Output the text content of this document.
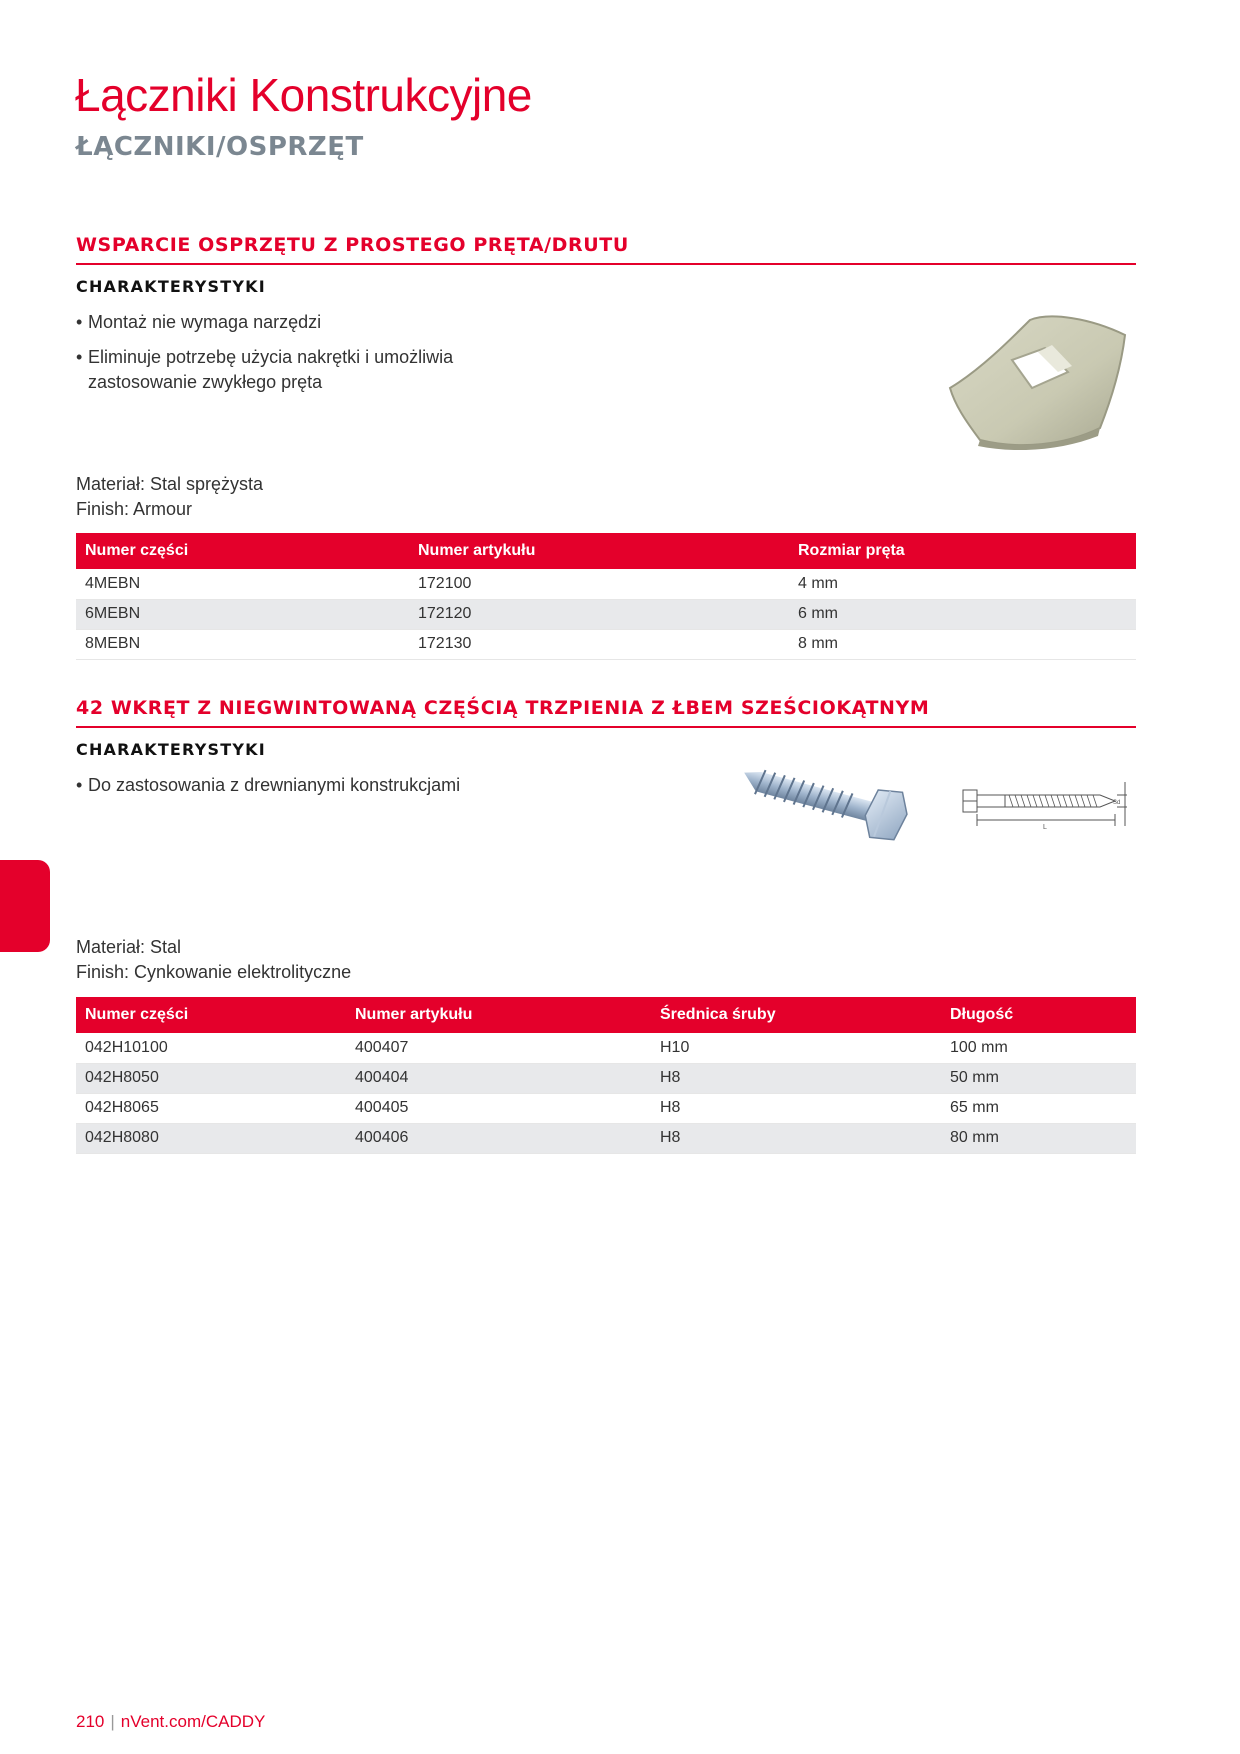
Łączniki Konstrukcyjne
ŁĄCZNIKI/OSPRZĘT
WSPARCIE OSPRZĘTU Z PROSTEGO PRĘTA/DRUTU
CHARAKTERYSTYKI
• Montaż nie wymaga narzędzi
• Eliminuje potrzebę użycia nakrętki i umożliwia zastosowanie zwykłego pręta
Materiał: Stal sprężysta
Finish: Armour
Numer części	Numer artykułu	Rozmiar pręta
4MEBN	172100	4 mm
6MEBN	172120	6 mm
8MEBN	172130	8 mm
42 WKRĘT Z NIEGWINTOWANĄ CZĘŚCIĄ TRZPIENIA Z ŁBEM SZEŚCIOKĄTNYM
CHARAKTERYSTYKI
• Do zastosowania z drewnianymi konstrukcjami
L
Sd
Materiał: Stal
Finish: Cynkowanie elektrolityczne
Numer części	Numer artykułu	Średnica śruby	Długość
042H10100	400407	H10	100 mm
042H8050	400404	H8	50 mm
042H8065	400405	H8	65 mm
042H8080	400406	H8	80 mm
210 | nVent.com/CADDY
